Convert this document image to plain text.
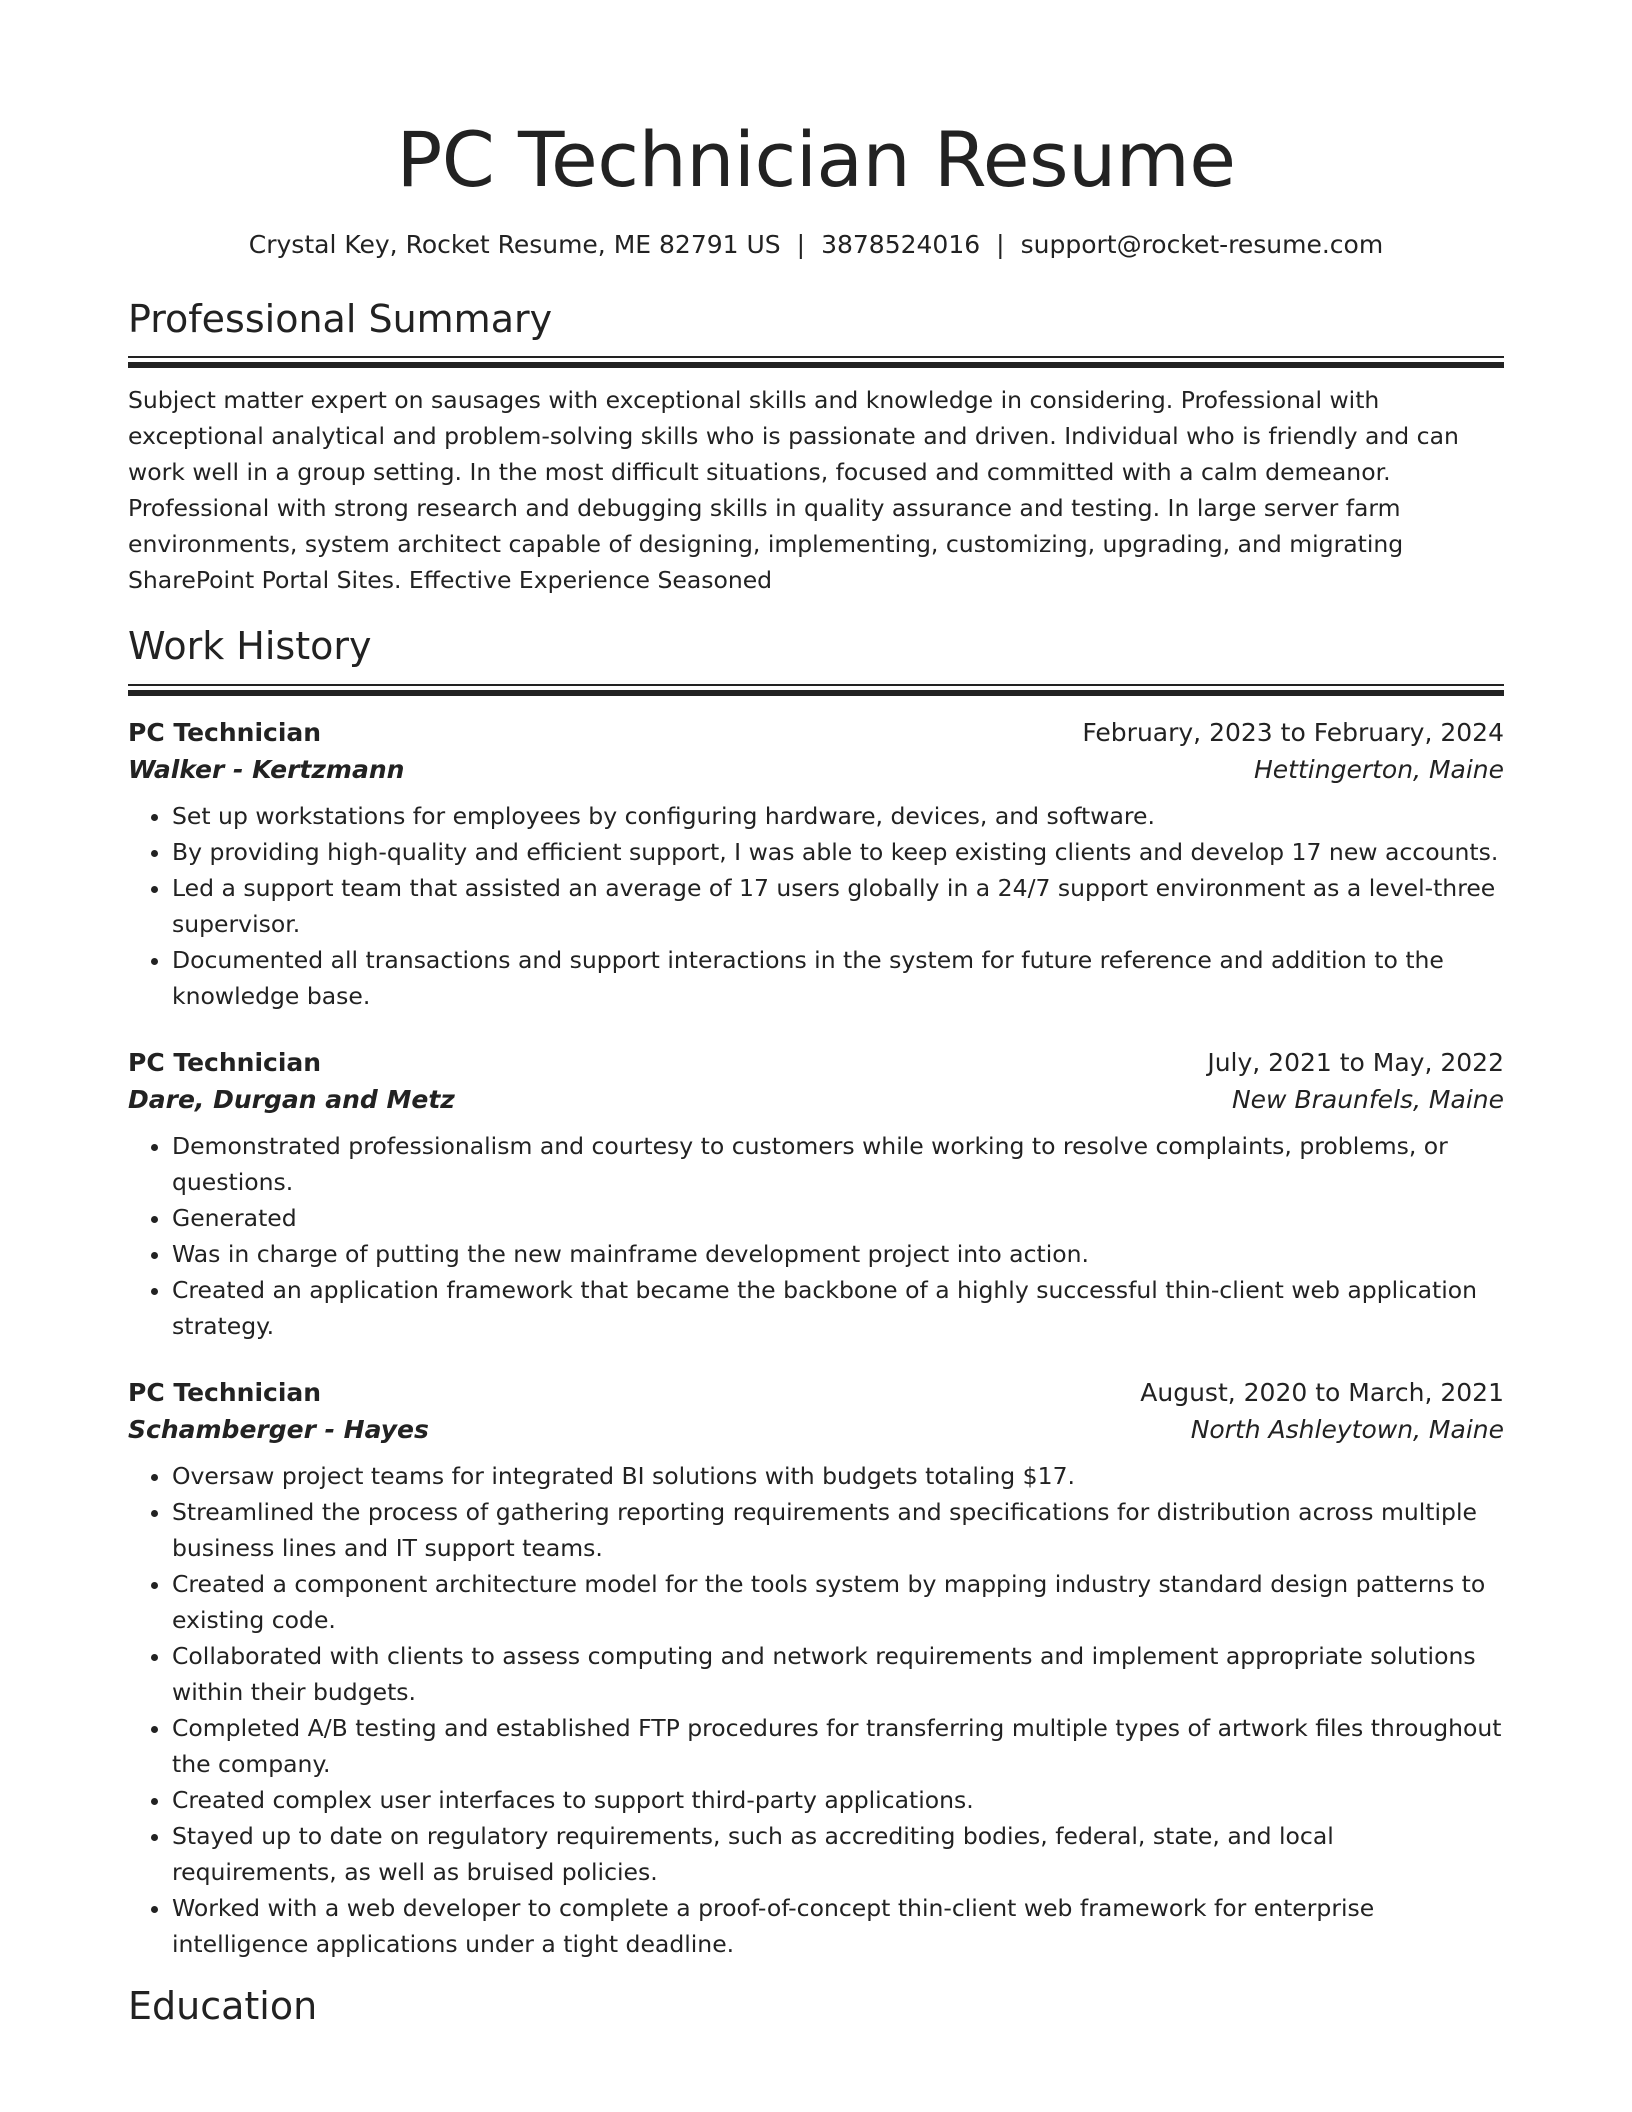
PC Technician Resume
Crystal Key, Rocket Resume, ME 82791 US | 3878524016 | support@rocket-resume.com
Professional Summary

Subject matter expert on sausages with exceptional skills and knowledge in considering. Professional with exceptional analytical and problem-solving skills who is passionate and driven. Individual who is friendly and can work well in a group setting. In the most difficult situations, focused and committed with a calm demeanor. Professional with strong research and debugging skills in quality assurance and testing. In large server farm environments, system architect capable of designing, implementing, customizing, upgrading, and migrating SharePoint Portal Sites. Effective Experience Seasoned

Work History
PC Technician	February, 2023 to February, 2024
Walker - Kertzmann	Hettingerton, Maine
• Set up workstations for employees by configuring hardware, devices, and software.
• By providing high-quality and efficient support, I was able to keep existing clients and develop 17 new accounts.
• Led a support team that assisted an average of 17 users globally in a 24/7 support environment as a level-three supervisor.
• Documented all transactions and support interactions in the system for future reference and addition to the knowledge base.
PC Technician	July, 2021 to May, 2022
Dare, Durgan and Metz	New Braunfels, Maine
• Demonstrated professionalism and courtesy to customers while working to resolve complaints, problems, or questions.
• Generated
• Was in charge of putting the new mainframe development project into action.
• Created an application framework that became the backbone of a highly successful thin-client web application strategy.
PC Technician	August, 2020 to March, 2021
Schamberger - Hayes	North Ashleytown, Maine
• Oversaw project teams for integrated BI solutions with budgets totaling $17.
• Streamlined the process of gathering reporting requirements and specifications for distribution across multiple business lines and IT support teams.
• Created a component architecture model for the tools system by mapping industry standard design patterns to existing code.
• Collaborated with clients to assess computing and network requirements and implement appropriate solutions within their budgets.
• Completed A/B testing and established FTP procedures for transferring multiple types of artwork files throughout the company.
• Created complex user interfaces to support third-party applications.
• Stayed up to date on regulatory requirements, such as accrediting bodies, federal, state, and local requirements, as well as bruised policies.
• Worked with a web developer to complete a proof-of-concept thin-client web framework for enterprise intelligence applications under a tight deadline.
Education
